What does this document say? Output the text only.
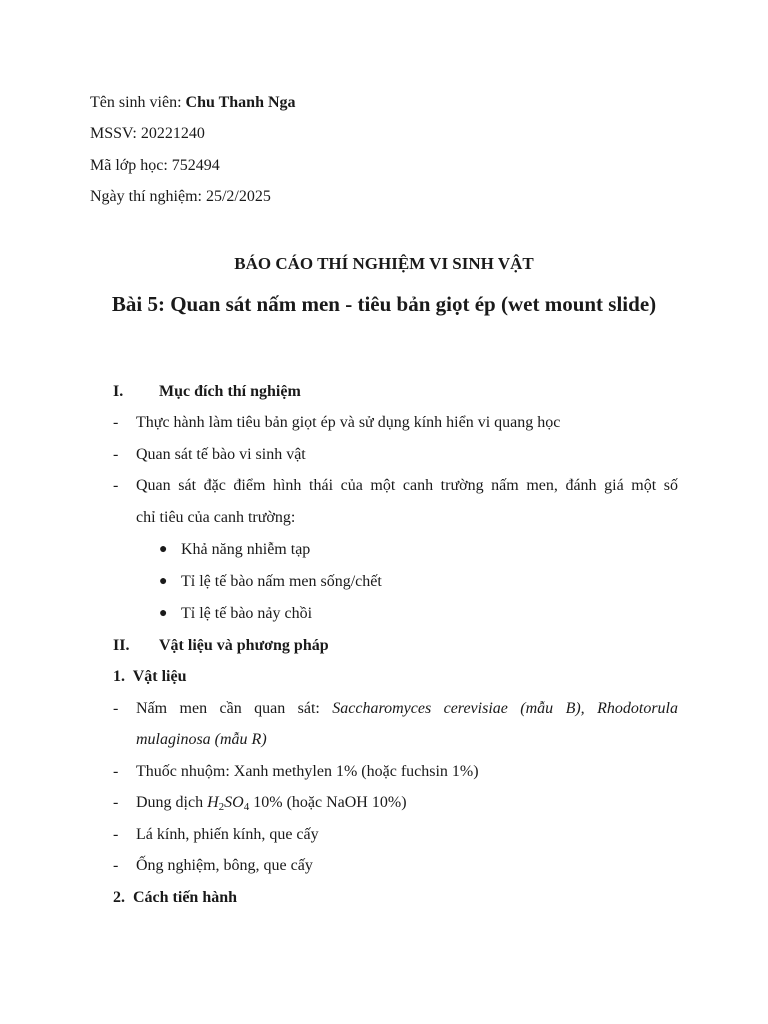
Tên sinh viên: Chu Thanh Nga
MSSV: 20221240
Mã lớp học: 752494
Ngày thí nghiệm: 25/2/2025
BÁO CÁO THÍ NGHIỆM VI SINH VẬT
Bài 5: Quan sát nấm men - tiêu bản giọt ép (wet mount slide)
I. Mục đích thí nghiệm
- Thực hành làm tiêu bản giọt ép và sử dụng kính hiển vi quang học
- Quan sát tế bào vi sinh vật
- Quan sát đặc điểm hình thái của một canh trường nấm men, đánh giá một số
chỉ tiêu của canh trường:
● Khả năng nhiễm tạp
● Tỉ lệ tế bào nấm men sống/chết
● Tỉ lệ tế bào nảy chồi
II. Vật liệu và phương pháp
1.  Vật liệu
- Nấm men cần quan sát: Saccharomyces cerevisiae (mẫu B), Rhodotorula
mulaginosa (mẫu R)
- Thuốc nhuộm: Xanh methylen 1% (hoặc fuchsin 1%)
- Dung dịch $H_2SO_4$ 10% (hoặc NaOH 10%)
- Lá kính, phiến kính, que cấy
- Ống nghiệm, bông, que cấy
2.  Cách tiến hành
